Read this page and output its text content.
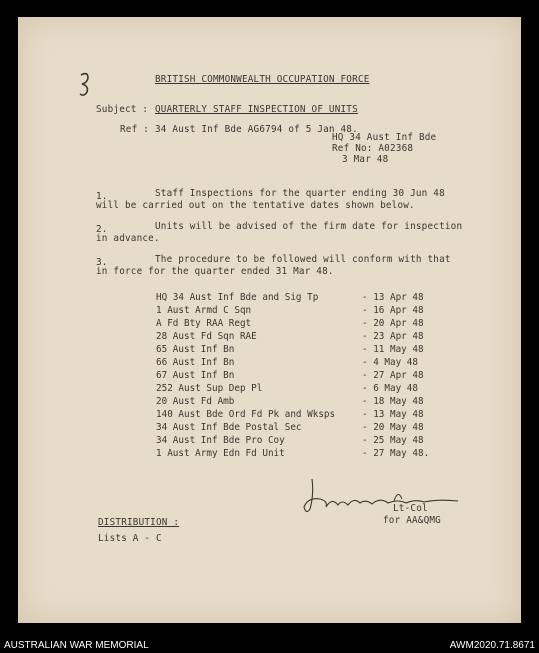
BRITISH COMMONWEALTH OCCUPATION FORCE
Subject : QUARTERLY STAFF INSPECTION OF UNITS
Ref : 34 Aust Inf Bde AG6794 of 5 Jan 48.
HQ 34 Aust Inf Bde
Ref No: A02368
3 Mar 48
1.	Staff Inspections for the quarter ending 30 Jun 48
will be carried out on the tentative dates shown below.
2.	Units will be advised of the firm date for inspection
in advance.
3.	The procedure to be followed will conform with that
in force for the quarter ended 31 Mar 48.
HQ 34 Aust Inf Bde and Sig Tp	- 13 Apr 48
1 Aust Armd C Sqn	- 16 Apr 48
A Fd Bty RAA Regt	- 20 Apr 48
28 Aust Fd Sqn RAE	- 23 Apr 48
65 Aust Inf Bn	- 11 May 48
66 Aust Inf Bn	- 4 May 48
67 Aust Inf Bn	- 27 Apr 48
252 Aust Sup Dep Pl	- 6 May 48
20 Aust Fd Amb	- 18 May 48
140 Aust Bde Ord Fd Pk and Wksps	- 13 May 48
34 Aust Inf Bde Postal Sec	- 20 May 48
34 Aust Inf Bde Pro Coy	- 25 May 48
1 Aust Army Edn Fd Unit	- 27 May 48.
Lt-Col
for AA&QMG
DISTRIBUTION :
Lists A - C
AUSTRALIAN WAR MEMORIAL	AWM2020.71.8671
